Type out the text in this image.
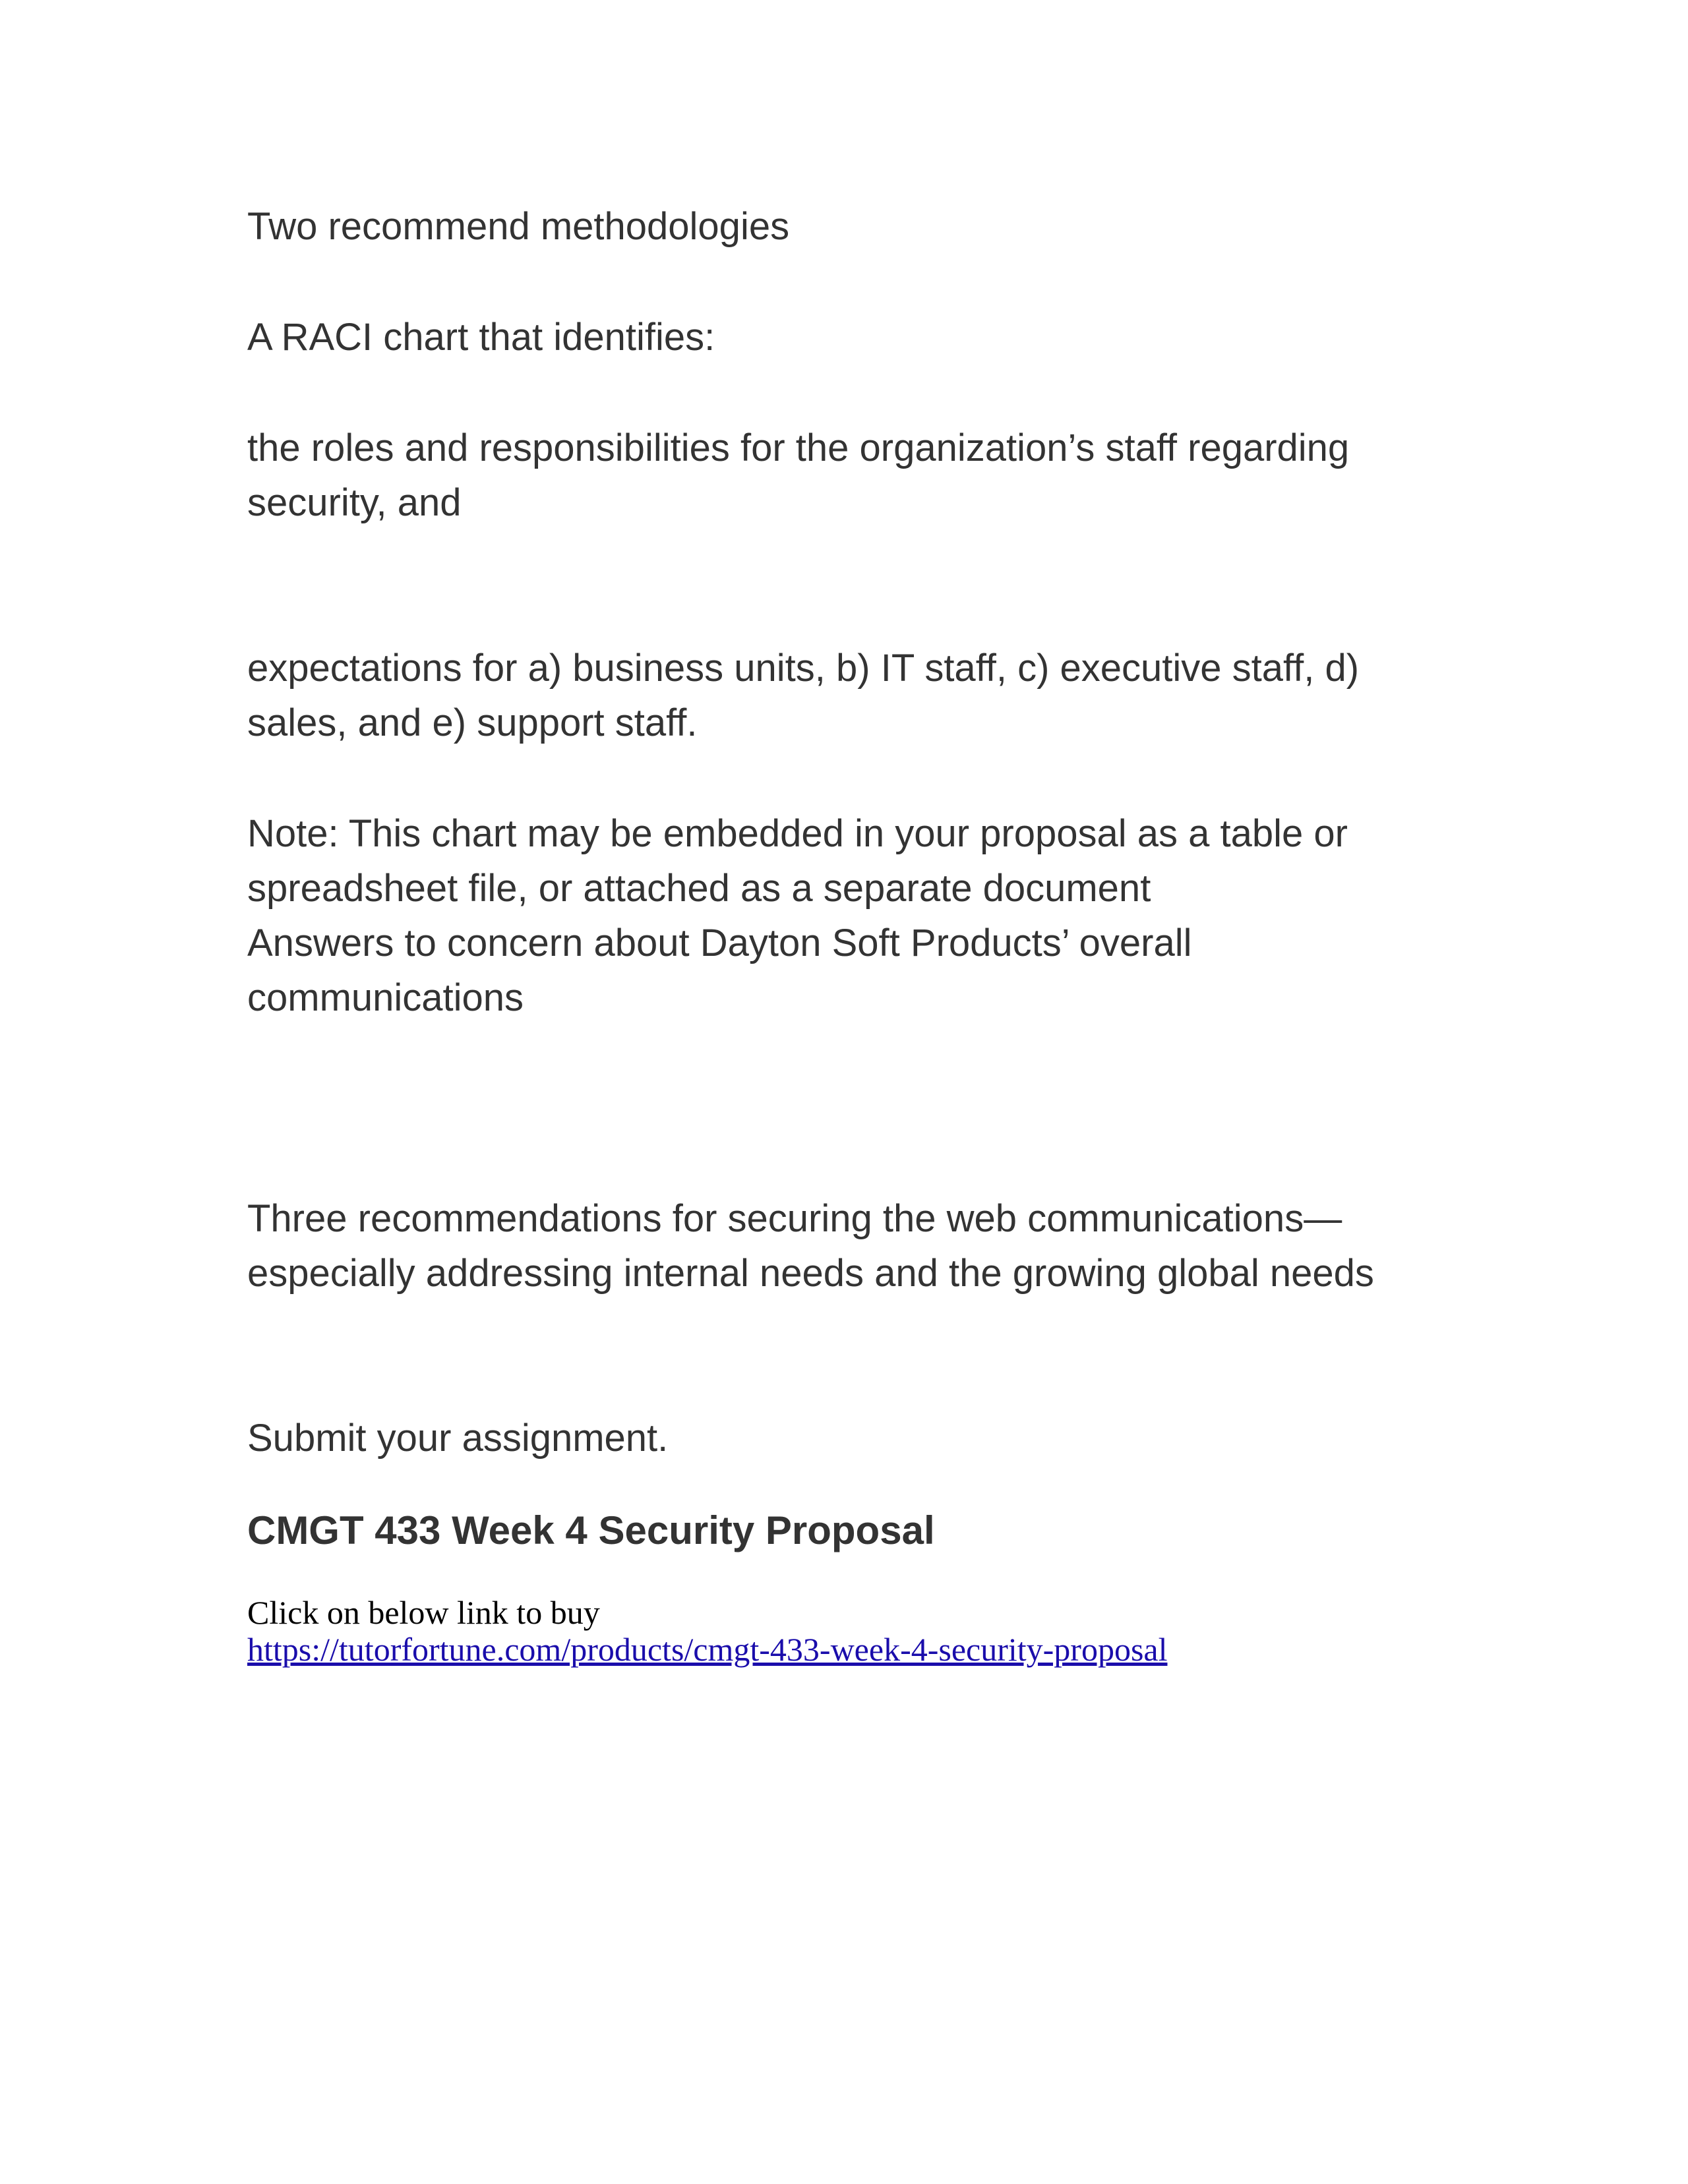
Two recommend methodologies
A RACI chart that identifies:
the roles and responsibilities for the organization’s staff regarding
security, and
expectations for a) business units, b) IT staff, c) executive staff, d)
sales, and e) support staff.
Note: This chart may be embedded in your proposal as a table or
spreadsheet file, or attached as a separate document
Answers to concern about Dayton Soft Products’ overall
communications
Three recommendations for securing the web communications—
especially addressing internal needs and the growing global needs
Submit your assignment.
CMGT 433 Week 4 Security Proposal
Click on below link to buy
https://tutorfortune.com/products/cmgt-433-week-4-security-proposal
